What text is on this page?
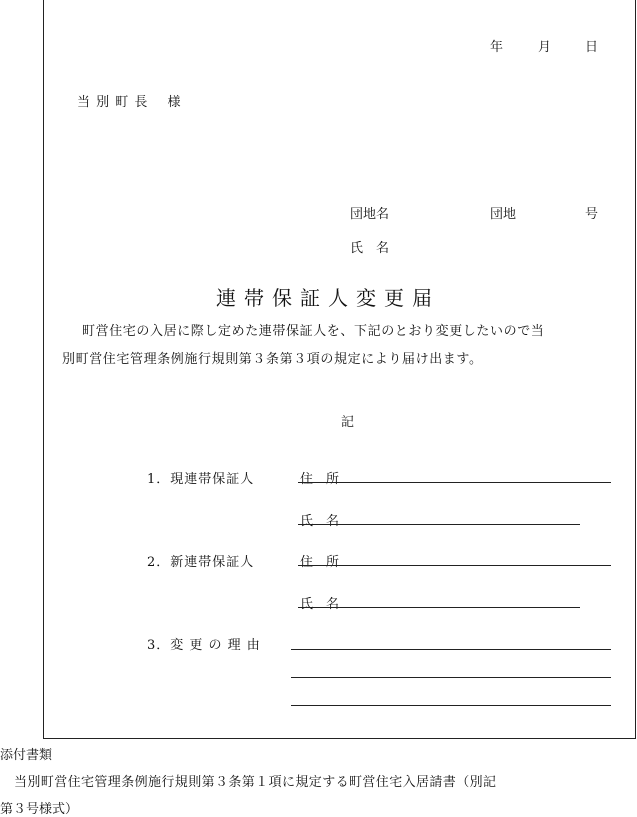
年	月	日
当 別 町 長　 様
団地名	団地	号
氏　名
連帯保証人変更届
町営住宅の入居に際し定めた連帯保証人を、下記のとおり変更したいので当
別町営住宅管理条例施行規則第３条第３項の規定により届け出ます。
記
1．現連帯保証人	住　所
氏　名
2．新連帯保証人	住　所
氏　名
3．変 更 の 理 由
添付書類
当別町営住宅管理条例施行規則第３条第１項に規定する町営住宅入居請書（別記
第３号様式）
